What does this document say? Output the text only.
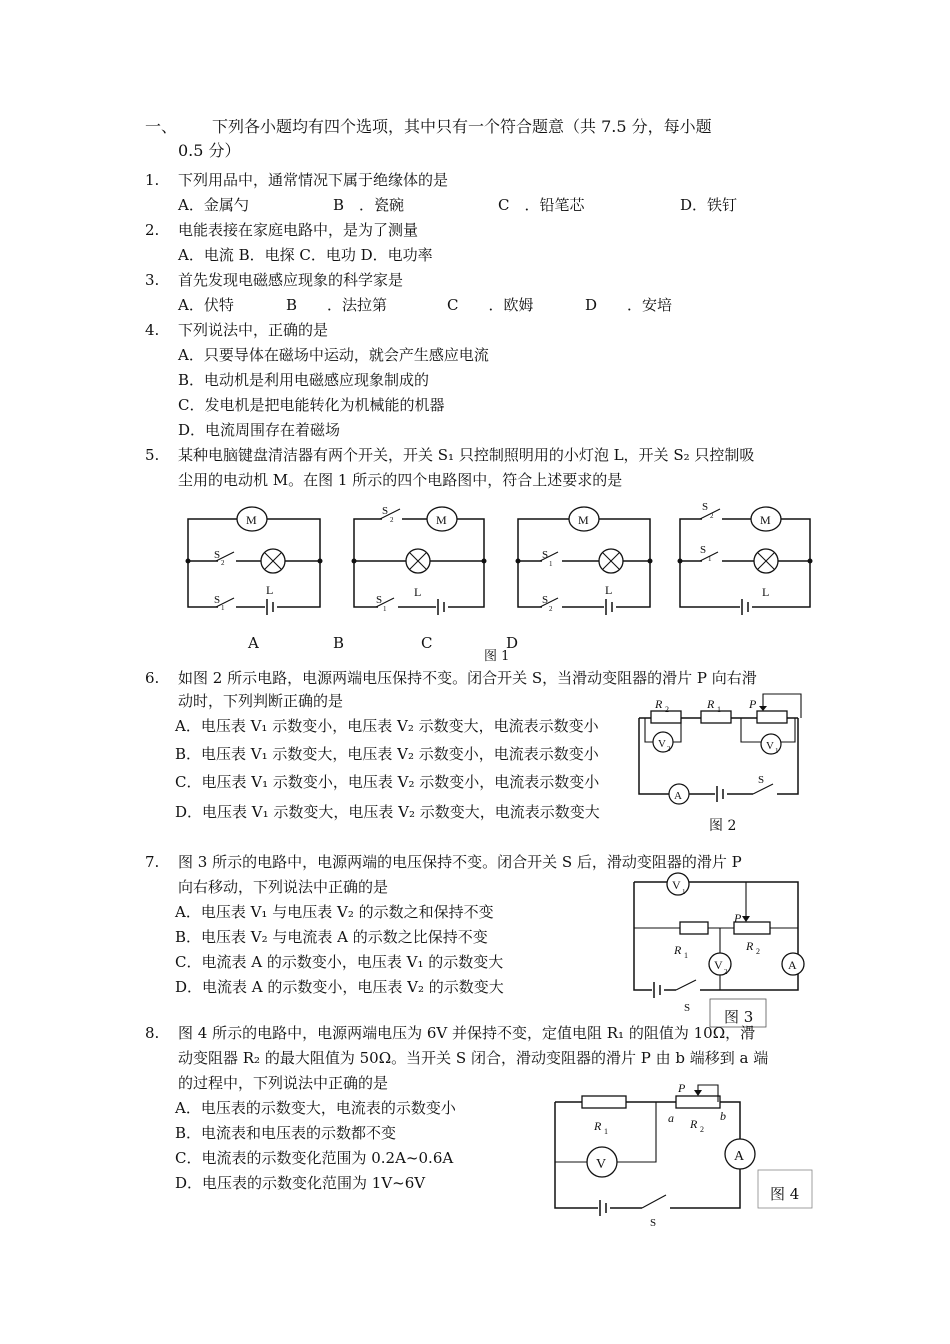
一、 下列各小题均有四个选项，其中只有一个符合题意（共 7.5 分，每小题
0.5 分）
1. 下列用品中，通常情况下属于绝缘体的是
A．金属勺	B　．瓷碗	C　．铅笔芯	D．铁钉
2. 电能表接在家庭电路中，是为了测量
A．电流 B．电探 C．电功 D．电功率
3. 首先发现电磁感应现象的科学家是
A．伏特	B　　．法拉第	C　　．欧姆	D　　．安培
4. 下列说法中，正确的是
A．只要导体在磁场中运动，就会产生感应电流
B．电动机是利用电磁感应现象制成的
C．发电机是把电能转化为机械能的机器
D．电流周围存在着磁场
5. 某种电脑键盘清洁器有两个开关，开关 S₁ 只控制照明用的小灯泡 L，开关 S₂ 只控制吸
尘用的电动机 M。在图 1 所示的四个电路图中，符合上述要求的是
M
S
2
S
1
L
M
S
2
S
1
L
M
S
1
S
2
L
S
2	M
S
1
L
A	B	C
图 1
D
6. 如图 2 所示电路，电源两端电压保持不变。闭合开关 S，当滑动变阻器的滑片 P 向右滑
动时，下列判断正确的是
A．电压表 V₁ 示数变小，电压表 V₂ 示数变大，电流表示数变小
B．电压表 V₁ 示数变大，电压表 V₂ 示数变小，电流表示数变小
C．电压表 V₁ 示数变小，电压表 V₂ 示数变小，电流表示数变小
D．电压表 V₁ 示数变大，电压表 V₂ 示数变大，电流表示数变大
R 2	R 1 P
V 2	V 1
A
S
图 2
7. 图 3 所示的电路中，电源两端的电压保持不变。闭合开关 S 后，滑动变阻器的滑片 P
向右移动，下列说法中正确的是
A．电压表 V₁ 与电压表 V₂ 的示数之和保持不变
B．电压表 V₂ 与电流表 A 的示数之比保持不变
C．电流表 A 的示数变小，电压表 V₁ 的示数变大
D．电流表 A 的示数变小，电压表 V₂ 的示数变大
V 1
R 1
P
R 2
V 2	A
S 图 3
8. 图 4 所示的电路中，电源两端电压为 6V 并保持不变，定值电阻 R₁ 的阻值为 10Ω，滑
动变阻器 R₂ 的最大阻值为 50Ω。当开关 S 闭合，滑动变阻器的滑片 P 由 b 端移到 a 端
的过程中，下列说法中正确的是
A．电压表的示数变大，电流表的示数变小
B．电流表和电压表的示数都不变
C．电流表的示数变化范围为 0.2A~0.6A
D．电压表的示数变化范围为 1V~6V
R 1
P
a	b
R 2
V
A
S
图 4
